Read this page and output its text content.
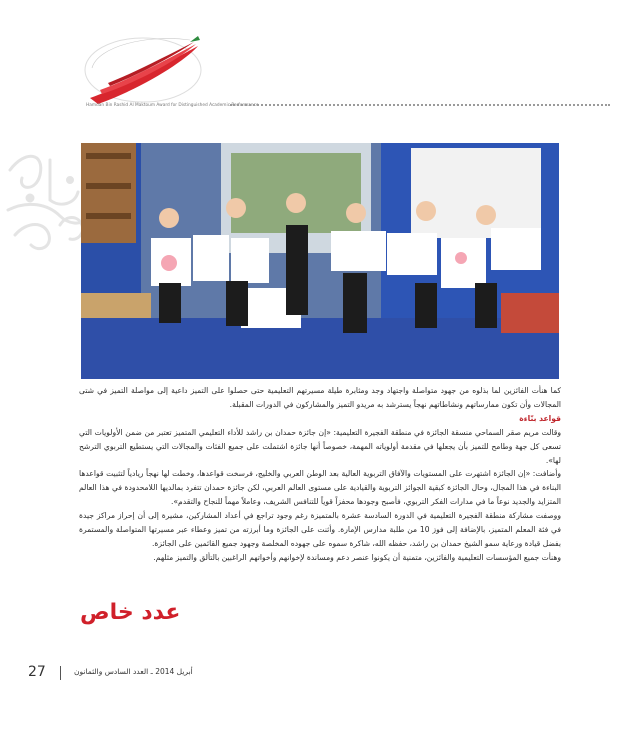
Hamdan Bin Rashid Al Maktoum Award for Distinguished Academic Performance

كما هنأت الفائزين لما بذلوه من جهود متواصلة واجتهاد وجد ومثابرة طيلة مسيرتهم التعليمية حتى حصلوا على التميز داعية إلى مواصلة التميز في شتى المجالات وأن تكون ممارساتهم ونشاطاتهم نهجاً يسترشد به مريدو التميز والمشاركون في الدورات المقبلة.

قواعد بنّاءة

وقالت مريم صقر السماحي منسقة الجائزة في منطقة الفجيرة التعليمية: «إن جائزة حمدان بن راشد للأداء التعليمي المتميز تعتبر من ضمن الأولويات التي تسعى كل جهة وطامح للتميز بأن يجعلها في مقدمة أولوياته المهمة، خصوصاً أنها جائزة اشتملت على جميع الفئات والمجالات التي يستطيع التربوي الترشح لها».

وأضافت: «إن الجائزة اشتهرت على المستويات والآفاق التربوية العالية بعد الوطن العربي والخليج، فرسخت قواعدها، وخطت لها نهجاً ريادياً لتثبيت قواعدها البناءة في هذا المجال، وحال الجائزة كبقية الجوائز التربوية والقيادية على مستوى العالم العربي، لكن جائزة حمدان تتفرد بمالديها اللامحدودة في هذا العالم المتزايد والجديد نوعاً ما في مدارات الفكر التربوي، فأصبح وجودها محفزاً قوياً للتنافس الشريف، وعاملاً مهماً للنجاح والتقدم».

ووصفت مشاركة منطقة الفجيرة التعليمية في الدورة السادسة عشرة بالمتميزة رغم وجود تراجع في أعداد المشاركين، مشيرة إلى أن إحراز مراكز جيدة في فئة المعلم المتميز، بالإضافة إلى فوز 10 من طلبة مدارس الإمارة. وأثنت على الجائزة وما أبرزته من تميز وعطاء عبر مسيرتها المتواصلة والمستمرة بفضل قيادة ورعاية سمو الشيخ حمدان بن راشد، حفظه الله، شاكرة سموه على جهوده المخلصة وجهود جميع القائمين على الجائزة.

وهنأت جميع المؤسسات التعليمية والفائزين، متمنية أن يكونوا عنصر دعم ومساندة لإخوانهم وأخواتهم الراغبين بالتألق والتميز مثلهم.

عدد خاص
27	أبريل 2014 ـ العدد السادس والثمانون
